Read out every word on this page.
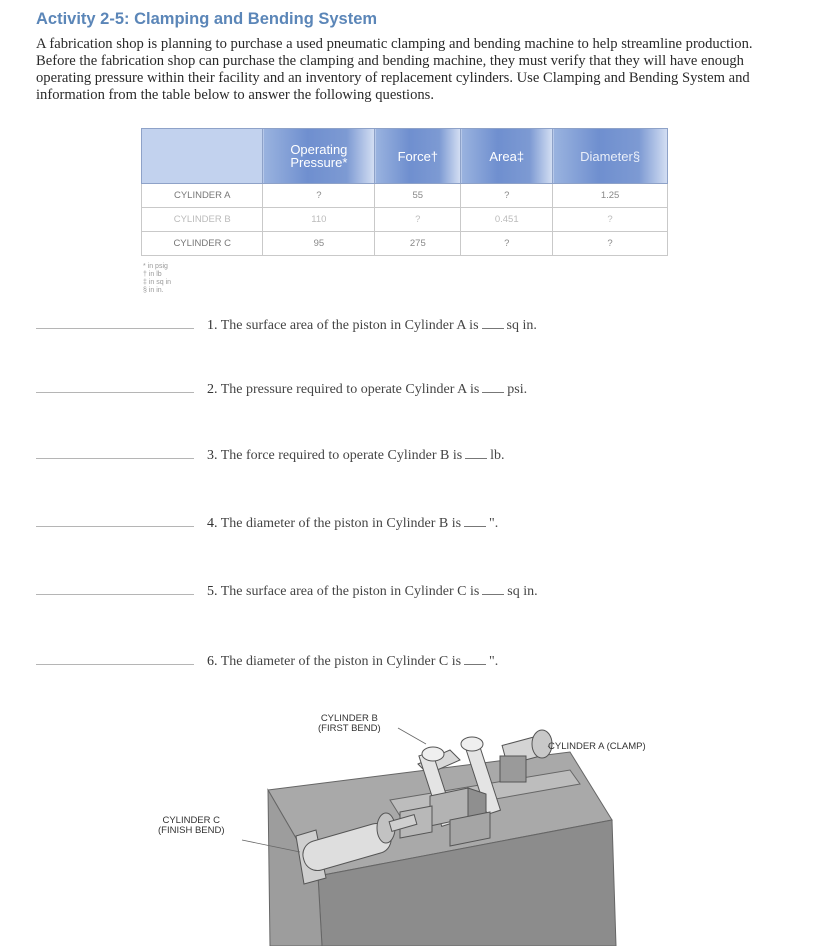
Activity 2-5: Clamping and Bending System

A fabrication shop is planning to purchase a used pneumatic clamping and bending machine to help streamline production. Before the fabrication shop can purchase the clamping and bending machine, they must verify that they will have enough operating pressure within their facility and an inventory of replacement cylinders. Use Clamping and Bending System and information from the table below to answer the following questions.

	Operating Pressure*	Force†	Area‡	Diameter§
CYLINDER A	?	55	?	1.25
CYLINDER B	110	?	0.451	?
CYLINDER C	95	275	?	?
* in psig
† in lb
‡ in sq in
§ in in.
1. The surface area of the piston in Cylinder A is sq in.
2. The pressure required to operate Cylinder A is psi.
3. The force required to operate Cylinder B is lb.
4. The diameter of the piston in Cylinder B is ".
5. The surface area of the piston in Cylinder C is sq in.
6. The diameter of the piston in Cylinder C is ".
CYLINDER B
(FIRST BEND)
CYLINDER A (CLAMP)
CYLINDER C
(FINISH BEND)
